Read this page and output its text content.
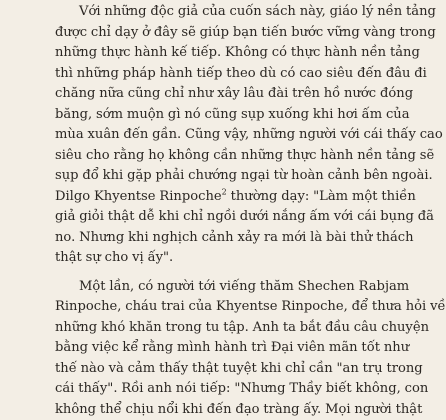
Với những độc giả của cuốn sách này, giáo lý nền tảng
được chỉ dạy ở đây sẽ giúp bạn tiến bước vững vàng trong
những thực hành kế tiếp. Không có thực hành nền tảng
thì những pháp hành tiếp theo dù có cao siêu đến đâu đi
chăng nữa cũng chỉ như xây lâu đài trên hồ nước đóng
băng, sớm muộn gì nó cũng sụp xuống khi hơi ấm của
mùa xuân đến gần. Cũng vậy, những người với cái thấy cao
siêu cho rằng họ không cần những thực hành nền tảng sẽ
sụp đổ khi gặp phải chướng ngại từ hoàn cảnh bên ngoài.
Dilgo Khyentse Rinpoche$^2$ thường dạy: "Làm một thiền
giả giỏi thật dễ khi chỉ ngồi dưới nắng ấm với cái bụng đã
no. Nhưng khi nghịch cảnh xảy ra mới là bài thử thách
thật sự cho vị ấy".
Một lần, có người tới viếng thăm Shechen Rabjam
Rinpoche, cháu trai của Khyentse Rinpoche, để thưa hỏi về
những khó khăn trong tu tập. Anh ta bắt đầu câu chuyện
bằng việc kể rằng mình hành trì Đại viên mãn tốt như
thế nào và cảm thấy thật tuyệt khi chỉ cần "an trụ trong
cái thấy". Rồi anh nói tiếp: "Nhưng Thầy biết không, con
không thể chịu nổi khi đến đạo tràng ấy. Mọi người thật
